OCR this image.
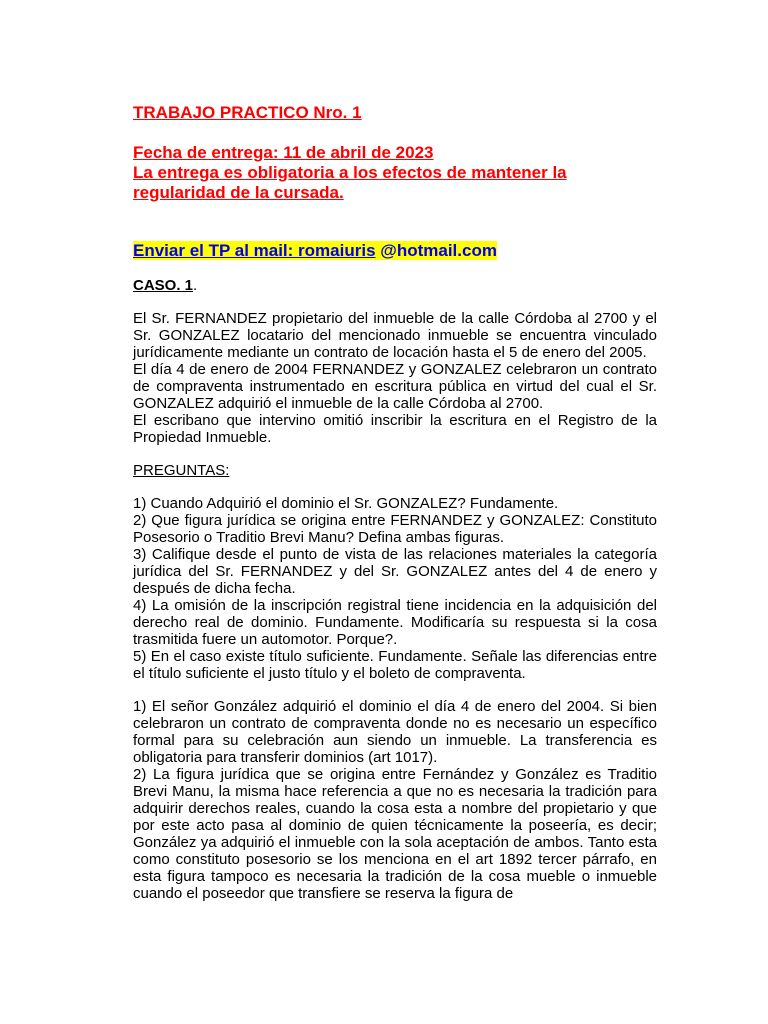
TRABAJO PRACTICO Nro. 1

Fecha de entrega: 11 de abril de 2023

La entrega es obligatoria a los efectos de mantener la regularidad de la cursada.

Enviar el TP al mail: romaiuris @hotmail.com

CASO. 1.

El Sr. FERNANDEZ propietario del inmueble de la calle Córdoba al 2700 y el Sr. GONZALEZ locatario del mencionado inmueble se encuentra vinculado jurídicamente mediante un contrato de locación hasta el 5 de enero del 2005.

El día 4 de enero de 2004 FERNANDEZ y GONZALEZ celebraron un contrato de compraventa instrumentado en escritura pública en virtud del cual el Sr. GONZALEZ adquirió el inmueble de la calle Córdoba al 2700.

El escribano que intervino omitió inscribir la escritura en el Registro de la Propiedad Inmueble.

PREGUNTAS:

1) Cuando Adquirió el dominio el Sr. GONZALEZ? Fundamente.

2) Que figura jurídica se origina entre FERNANDEZ y GONZALEZ: Constituto Posesorio o Traditio Brevi Manu? Defina ambas figuras.

3) Califique desde el punto de vista de las relaciones materiales la categoría jurídica del Sr. FERNANDEZ y del Sr. GONZALEZ antes del 4 de enero y después de dicha fecha.

4) La omisión de la inscripción registral tiene incidencia en la adquisición del derecho real de dominio. Fundamente. Modificaría su respuesta si la cosa trasmitida fuere un automotor. Porque?.

5) En el caso existe título suficiente. Fundamente. Señale las diferencias entre el título suficiente el justo título y el boleto de compraventa.

1) El señor González adquirió el dominio el día 4 de enero del 2004. Si bien celebraron un contrato de compraventa donde no es necesario un específico formal para su celebración aun siendo un inmueble. La transferencia es obligatoria para transferir dominios (art 1017).

2) La figura jurídica que se origina entre Fernández y González es Traditio Brevi Manu, la misma hace referencia a que no es necesaria la tradición para adquirir derechos reales, cuando la cosa esta a nombre del propietario y que por este acto pasa al dominio de quien técnicamente la poseería, es decir; González ya adquirió el inmueble con la sola aceptación de ambos. Tanto esta como constituto posesorio se los menciona en el art 1892 tercer párrafo, en esta figura tampoco es necesaria la tradición de la cosa mueble o inmueble cuando el poseedor que transfiere se reserva la figura de
